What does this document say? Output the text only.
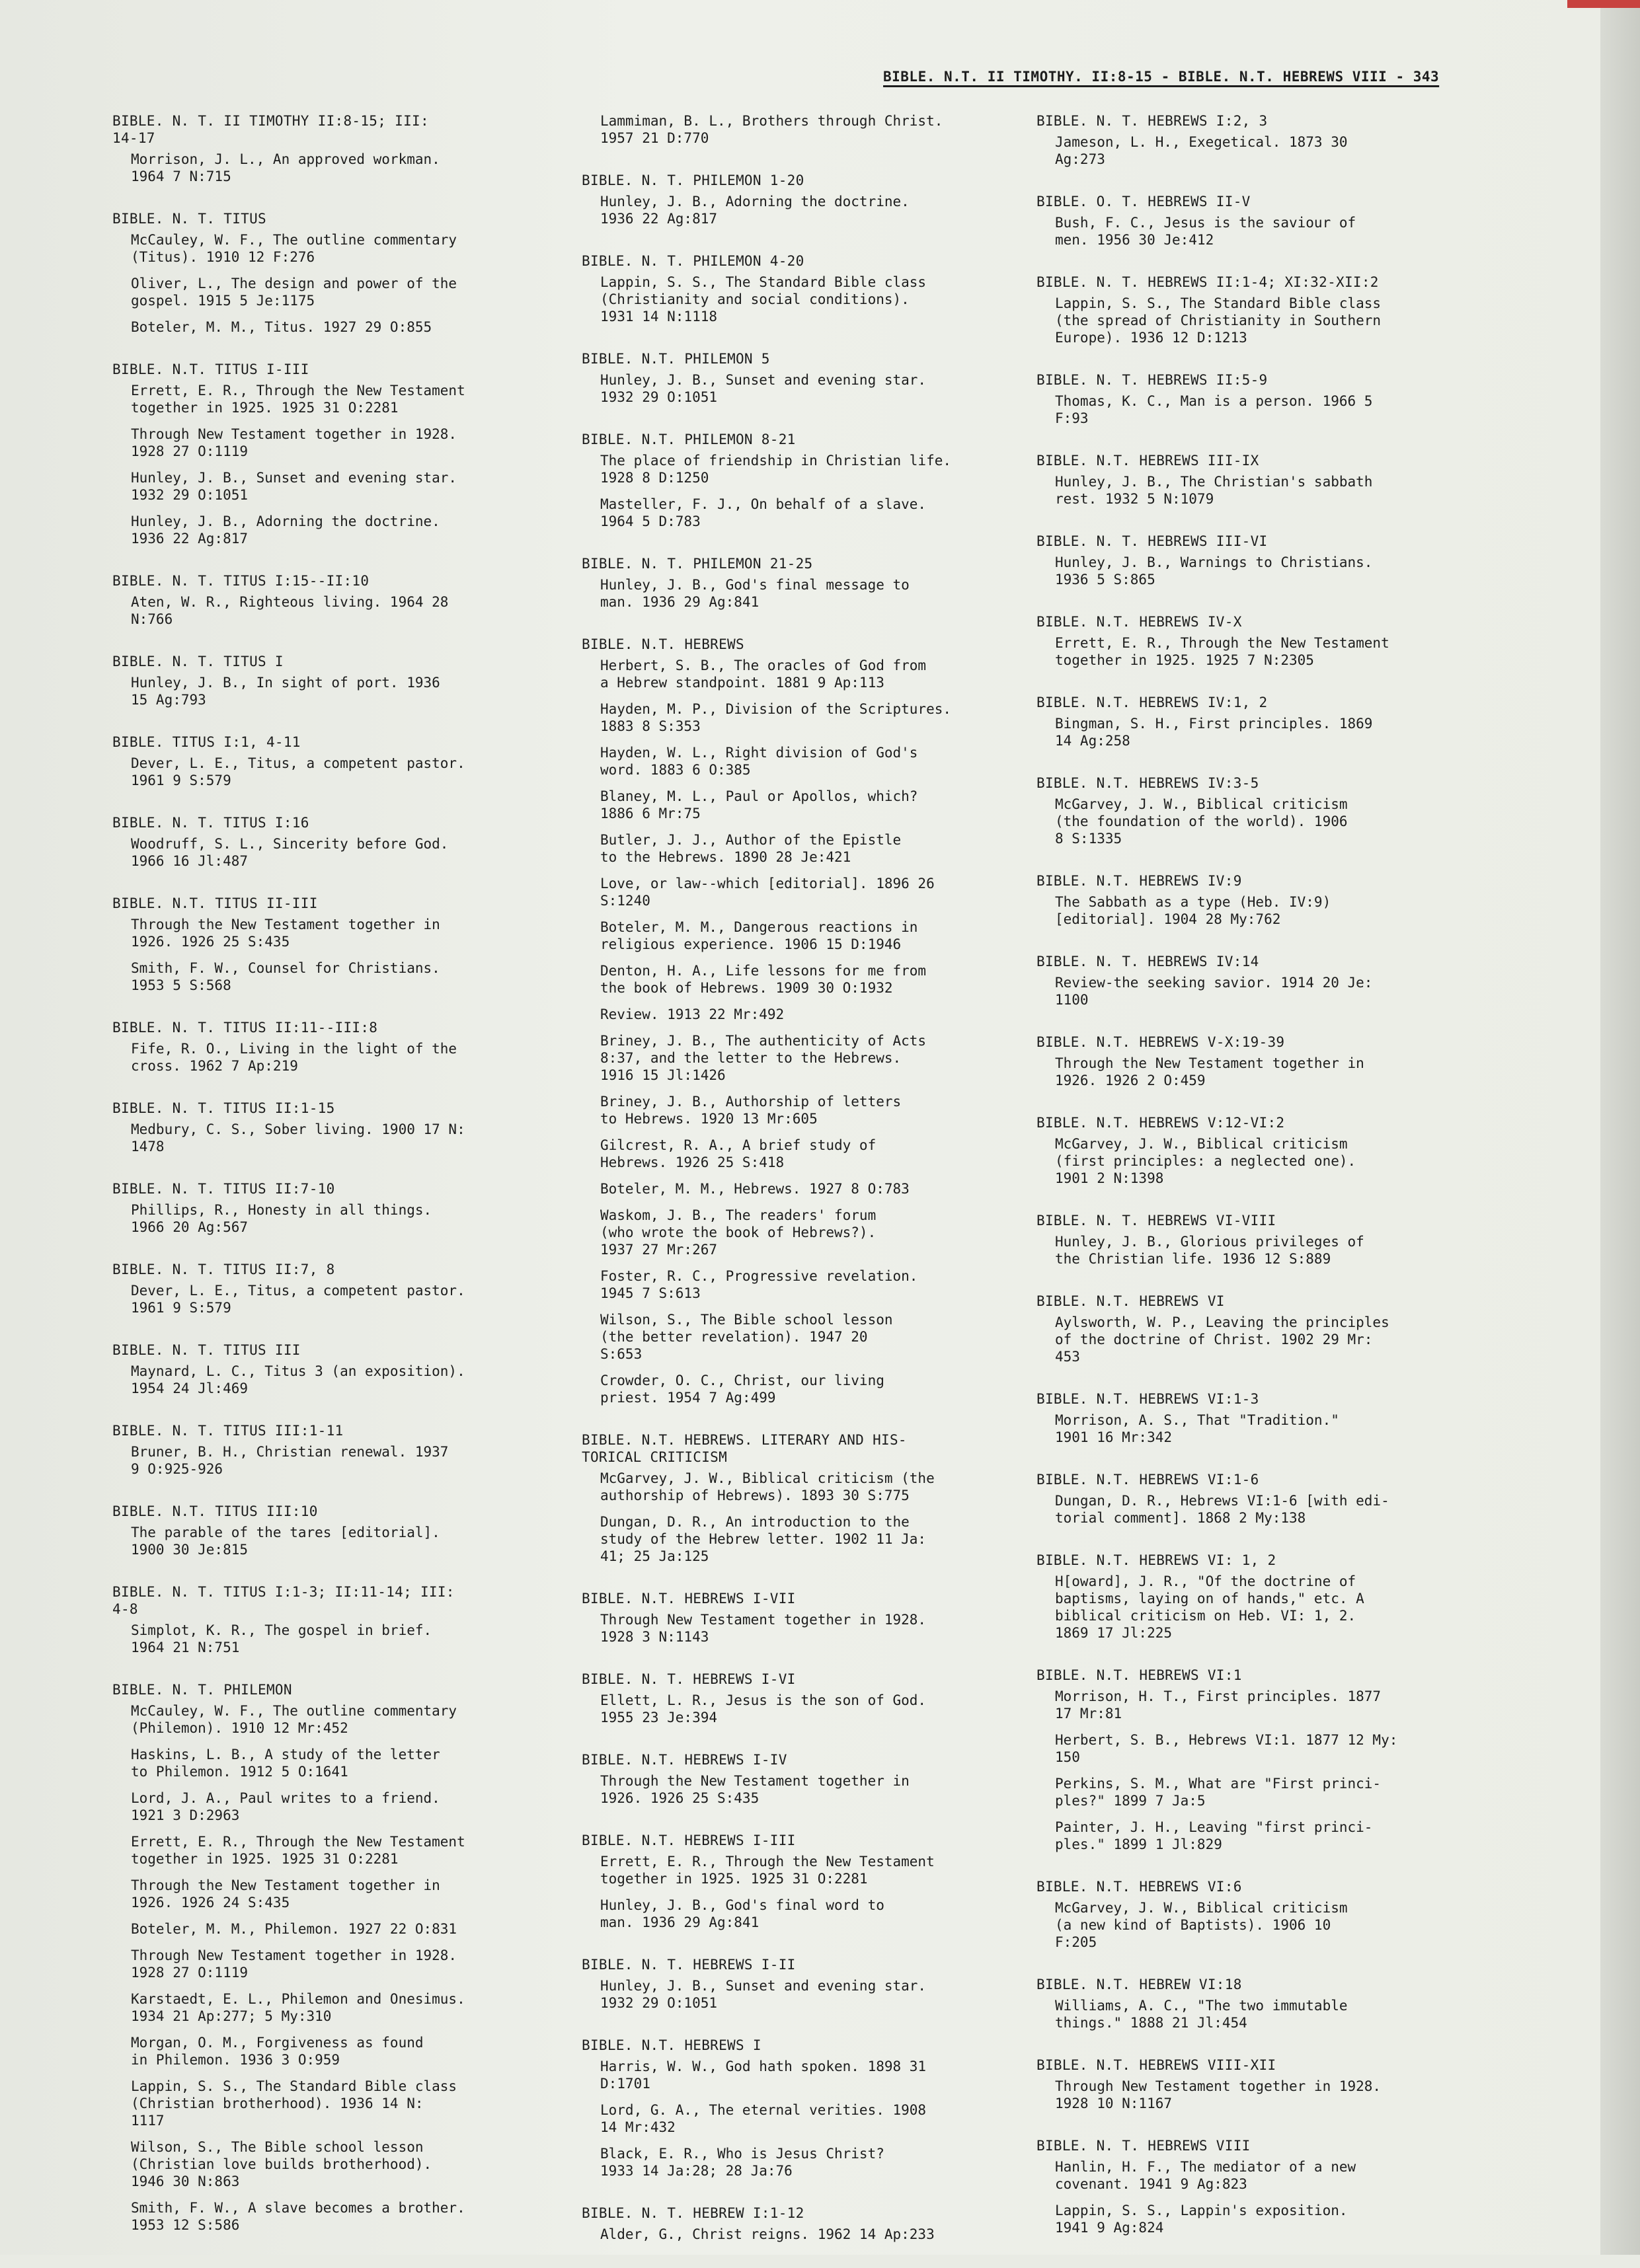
BIBLE. N.T. II TIMOTHY. II:8-15 - BIBLE. N.T. HEBREWS VIII - 343
BIBLE. N. T. II TIMOTHY II:8-15; III:
14-17
Morrison, J. L., An approved workman.
1964 7 N:715
BIBLE. N. T. TITUS
McCauley, W. F., The outline commentary
(Titus). 1910 12 F:276
Oliver, L., The design and power of the
gospel. 1915 5 Je:1175
Boteler, M. M., Titus. 1927 29 O:855
BIBLE. N.T. TITUS I-III
Errett, E. R., Through the New Testament
together in 1925. 1925 31 O:2281
Through New Testament together in 1928.
1928 27 O:1119
Hunley, J. B., Sunset and evening star.
1932 29 O:1051
Hunley, J. B., Adorning the doctrine.
1936 22 Ag:817
BIBLE. N. T. TITUS I:15--II:10
Aten, W. R., Righteous living. 1964 28
N:766
BIBLE. N. T. TITUS I
Hunley, J. B., In sight of port. 1936
15 Ag:793
BIBLE. TITUS I:1, 4-11
Dever, L. E., Titus, a competent pastor.
1961 9 S:579
BIBLE. N. T. TITUS I:16
Woodruff, S. L., Sincerity before God.
1966 16 Jl:487
BIBLE. N.T. TITUS II-III
Through the New Testament together in
1926. 1926 25 S:435
Smith, F. W., Counsel for Christians.
1953 5 S:568
BIBLE. N. T. TITUS II:11--III:8
Fife, R. O., Living in the light of the
cross. 1962 7 Ap:219
BIBLE. N. T. TITUS II:1-15
Medbury, C. S., Sober living. 1900 17 N:
1478
BIBLE. N. T. TITUS II:7-10
Phillips, R., Honesty in all things.
1966 20 Ag:567
BIBLE. N. T. TITUS II:7, 8
Dever, L. E., Titus, a competent pastor.
1961 9 S:579
BIBLE. N. T. TITUS III
Maynard, L. C., Titus 3 (an exposition).
1954 24 Jl:469
BIBLE. N. T. TITUS III:1-11
Bruner, B. H., Christian renewal. 1937
9 O:925-926
BIBLE. N.T. TITUS III:10
The parable of the tares [editorial].
1900 30 Je:815
BIBLE. N. T. TITUS I:1-3; II:11-14; III:
4-8
Simplot, K. R., The gospel in brief.
1964 21 N:751
BIBLE. N. T. PHILEMON
McCauley, W. F., The outline commentary
(Philemon). 1910 12 Mr:452
Haskins, L. B., A study of the letter
to Philemon. 1912 5 O:1641
Lord, J. A., Paul writes to a friend.
1921 3 D:2963
Errett, E. R., Through the New Testament
together in 1925. 1925 31 O:2281
Through the New Testament together in
1926. 1926 24 S:435
Boteler, M. M., Philemon. 1927 22 O:831
Through New Testament together in 1928.
1928 27 O:1119
Karstaedt, E. L., Philemon and Onesimus.
1934 21 Ap:277; 5 My:310
Morgan, O. M., Forgiveness as found
in Philemon. 1936 3 O:959
Lappin, S. S., The Standard Bible class
(Christian brotherhood). 1936 14 N:
1117
Wilson, S., The Bible school lesson
(Christian love builds brotherhood).
1946 30 N:863
Smith, F. W., A slave becomes a brother.
1953 12 S:586
Lammiman, B. L., Brothers through Christ.
1957 21 D:770
BIBLE. N. T. PHILEMON 1-20
Hunley, J. B., Adorning the doctrine.
1936 22 Ag:817
BIBLE. N. T. PHILEMON 4-20
Lappin, S. S., The Standard Bible class
(Christianity and social conditions).
1931 14 N:1118
BIBLE. N.T. PHILEMON 5
Hunley, J. B., Sunset and evening star.
1932 29 O:1051
BIBLE. N.T. PHILEMON 8-21
The place of friendship in Christian life.
1928 8 D:1250
Masteller, F. J., On behalf of a slave.
1964 5 D:783
BIBLE. N. T. PHILEMON 21-25
Hunley, J. B., God's final message to
man. 1936 29 Ag:841
BIBLE. N.T. HEBREWS
Herbert, S. B., The oracles of God from
a Hebrew standpoint. 1881 9 Ap:113
Hayden, M. P., Division of the Scriptures.
1883 8 S:353
Hayden, W. L., Right division of God's
word. 1883 6 O:385
Blaney, M. L., Paul or Apollos, which?
1886 6 Mr:75
Butler, J. J., Author of the Epistle
to the Hebrews. 1890 28 Je:421
Love, or law--which [editorial]. 1896 26
S:1240
Boteler, M. M., Dangerous reactions in
religious experience. 1906 15 D:1946
Denton, H. A., Life lessons for me from
the book of Hebrews. 1909 30 O:1932
Review. 1913 22 Mr:492
Briney, J. B., The authenticity of Acts
8:37, and the letter to the Hebrews.
1916 15 Jl:1426
Briney, J. B., Authorship of letters
to Hebrews. 1920 13 Mr:605
Gilcrest, R. A., A brief study of
Hebrews. 1926 25 S:418
Boteler, M. M., Hebrews. 1927 8 O:783
Waskom, J. B., The readers' forum
(who wrote the book of Hebrews?).
1937 27 Mr:267
Foster, R. C., Progressive revelation.
1945 7 S:613
Wilson, S., The Bible school lesson
(the better revelation). 1947 20
S:653
Crowder, O. C., Christ, our living
priest. 1954 7 Ag:499
BIBLE. N.T. HEBREWS. LITERARY AND HIS-
TORICAL CRITICISM
McGarvey, J. W., Biblical criticism (the
authorship of Hebrews). 1893 30 S:775
Dungan, D. R., An introduction to the
study of the Hebrew letter. 1902 11 Ja:
41; 25 Ja:125
BIBLE. N.T. HEBREWS I-VII
Through New Testament together in 1928.
1928 3 N:1143
BIBLE. N. T. HEBREWS I-VI
Ellett, L. R., Jesus is the son of God.
1955 23 Je:394
BIBLE. N.T. HEBREWS I-IV
Through the New Testament together in
1926. 1926 25 S:435
BIBLE. N.T. HEBREWS I-III
Errett, E. R., Through the New Testament
together in 1925. 1925 31 O:2281
Hunley, J. B., God's final word to
man. 1936 29 Ag:841
BIBLE. N. T. HEBREWS I-II
Hunley, J. B., Sunset and evening star.
1932 29 O:1051
BIBLE. N.T. HEBREWS I
Harris, W. W., God hath spoken. 1898 31
D:1701
Lord, G. A., The eternal verities. 1908
14 Mr:432
Black, E. R., Who is Jesus Christ?
1933 14 Ja:28; 28 Ja:76
BIBLE. N. T. HEBREW I:1-12
Alder, G., Christ reigns. 1962 14 Ap:233
BIBLE. N. T. HEBREWS I:2, 3
Jameson, L. H., Exegetical. 1873 30
Ag:273
BIBLE. O. T. HEBREWS II-V
Bush, F. C., Jesus is the saviour of
men. 1956 30 Je:412
BIBLE. N. T. HEBREWS II:1-4; XI:32-XII:2
Lappin, S. S., The Standard Bible class
(the spread of Christianity in Southern
Europe). 1936 12 D:1213
BIBLE. N. T. HEBREWS II:5-9
Thomas, K. C., Man is a person. 1966 5
F:93
BIBLE. N.T. HEBREWS III-IX
Hunley, J. B., The Christian's sabbath
rest. 1932 5 N:1079
BIBLE. N. T. HEBREWS III-VI
Hunley, J. B., Warnings to Christians.
1936 5 S:865
BIBLE. N.T. HEBREWS IV-X
Errett, E. R., Through the New Testament
together in 1925. 1925 7 N:2305
BIBLE. N.T. HEBREWS IV:1, 2
Bingman, S. H., First principles. 1869
14 Ag:258
BIBLE. N.T. HEBREWS IV:3-5
McGarvey, J. W., Biblical criticism
(the foundation of the world). 1906
8 S:1335
BIBLE. N.T. HEBREWS IV:9
The Sabbath as a type (Heb. IV:9)
[editorial]. 1904 28 My:762
BIBLE. N. T. HEBREWS IV:14
Review-the seeking savior. 1914 20 Je:
1100
BIBLE. N.T. HEBREWS V-X:19-39
Through the New Testament together in
1926. 1926 2 O:459
BIBLE. N.T. HEBREWS V:12-VI:2
McGarvey, J. W., Biblical criticism
(first principles: a neglected one).
1901 2 N:1398
BIBLE. N. T. HEBREWS VI-VIII
Hunley, J. B., Glorious privileges of
the Christian life. 1936 12 S:889
BIBLE. N.T. HEBREWS VI
Aylsworth, W. P., Leaving the principles
of the doctrine of Christ. 1902 29 Mr:
453
BIBLE. N.T. HEBREWS VI:1-3
Morrison, A. S., That "Tradition."
1901 16 Mr:342
BIBLE. N.T. HEBREWS VI:1-6
Dungan, D. R., Hebrews VI:1-6 [with edi-
torial comment]. 1868 2 My:138
BIBLE. N.T. HEBREWS VI: 1, 2
H[oward], J. R., "Of the doctrine of
baptisms, laying on of hands," etc. A
biblical criticism on Heb. VI: 1, 2.
1869 17 Jl:225
BIBLE. N.T. HEBREWS VI:1
Morrison, H. T., First principles. 1877
17 Mr:81
Herbert, S. B., Hebrews VI:1. 1877 12 My:
150
Perkins, S. M., What are "First princi-
ples?" 1899 7 Ja:5
Painter, J. H., Leaving "first princi-
ples." 1899 1 Jl:829
BIBLE. N.T. HEBREWS VI:6
McGarvey, J. W., Biblical criticism
(a new kind of Baptists). 1906 10
F:205
BIBLE. N.T. HEBREW VI:18
Williams, A. C., "The two immutable
things." 1888 21 Jl:454
BIBLE. N.T. HEBREWS VIII-XII
Through New Testament together in 1928.
1928 10 N:1167
BIBLE. N. T. HEBREWS VIII
Hanlin, H. F., The mediator of a new
covenant. 1941 9 Ag:823
Lappin, S. S., Lappin's exposition.
1941 9 Ag:824
